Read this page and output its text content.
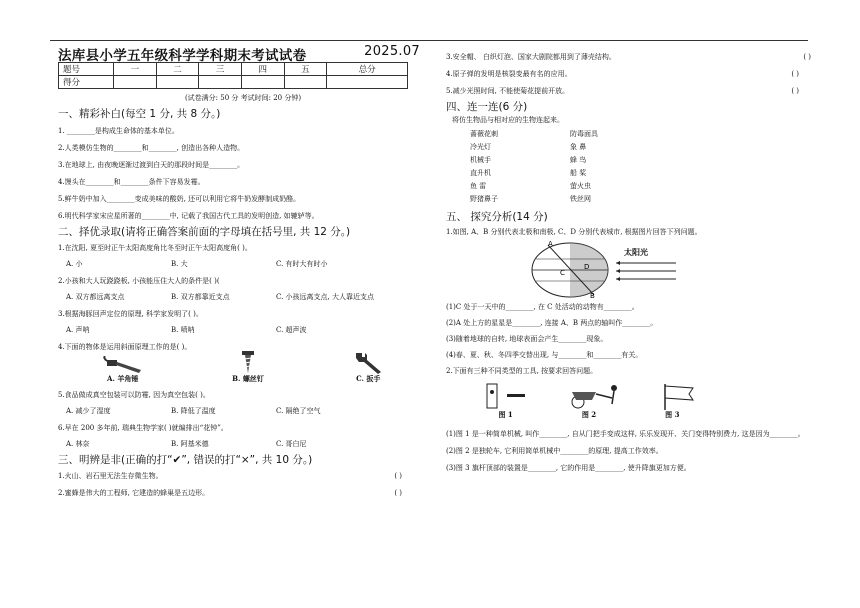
法库县小学五年级科学学科期末考试试卷	2025.07
题号	一	二	三	四	五	总分
得分						
(试卷满分: 50 分 考试时间: 20 分钟)
一、精彩补白(每空 1 分, 共 8 分。)
1. ________是构成生命体的基本单位。
2.人类模仿生物的________和________, 创造出各种人造物。
3.在地球上, 由夜晚逐渐过渡到白天的那段时间是________。
4.馒头在________和________条件下容易发霉。
5.鲜牛奶中加入________变成美味的酸奶, 还可以利用它将牛奶发酵制成奶酪。
6.明代科学家宋应星所著的________中, 记载了我国古代工具的发明创造, 如辘轳等。
二、择优录取(请将正确答案前面的字母填在括号里, 共 12 分。)
1.在沈阳, 夏至时正午太阳高度角比冬至时正午太阳高度角( )。
A. 小	B. 大	C. 有时大有时小
2.小孩和大人玩跷跷板, 小孩能压住大人的条件是( )(
A. 双方都远离支点	B. 双方都靠近支点	C. 小孩远离支点, 大人靠近支点
3.根据海豚回声定位的原理, 科学家发明了( )。
A. 声呐	B. 喷呐	C. 超声波
4.下面的物体是运用斜面原理工作的是( )。
A. 羊角锤	B. 螺丝钉	C. 扳手
5.食品做成真空包装可以防霉, 因为真空包装( )。
A. 减少了湿度	B. 降低了温度	C. 隔绝了空气
6.早在 200 多年前, 瑞典生物学家( )就编排出“花钟”。
A. 林奈	B. 阿基米德	C. 哥白尼
三、明辨是非(正确的打“✔”, 错误的打“×”, 共 10 分。)
1.火山、岩石里无法生存微生物。	( )
2.蜜蜂是伟大的工程师, 它建造的蜂巢是五边形。	( )
3.安全帽、 白织灯泡、国家大剧院都用到了薄壳结构。	( )
4.原子弹的发明是核裂变最有名的应用。	( )
5.减少光照时间, 不能使菊花提前开放。	( )
四、连一连(6 分)
将仿生物品与相对应的生物连起来。
蔷薇花刺	防毒面具
冷光灯	象 鼻
机械手	蜂 鸟
直升机	船 桨
鱼 雷	萤火虫
野猪鼻子	铁丝网
五、 探究分析(14 分)
1.如图, A、B 分别代表北极和南极, C、D 分别代表城市, 根据图片回答下列问题。
A
B
C
D
太阳光
(1)C 处于一天中的________, 在 C 处活动的动物有________。
(2)A 处上方的星星是________, 连接 A、B 两点的轴叫作________。
(3)随着地球的自转, 地球表面会产生________现象。
(4)春、夏、秋、冬四季交替出现, 与________和________有关。
2.下面有三种不同类型的工具, 按要求回答问题。
图 1	图 2	图 3
(1)图 1 是一种简单机械, 叫作________, 自从门把手变成这样, 乐乐发现开、关门变得特别费力, 这是因为________。
(2)图 2 是独轮车, 它利用简单机械中________的原理, 提高工作效率。
(3)图 3 旗杆顶部的装置是________, 它的作用是________, 使升降旗更加方便。
